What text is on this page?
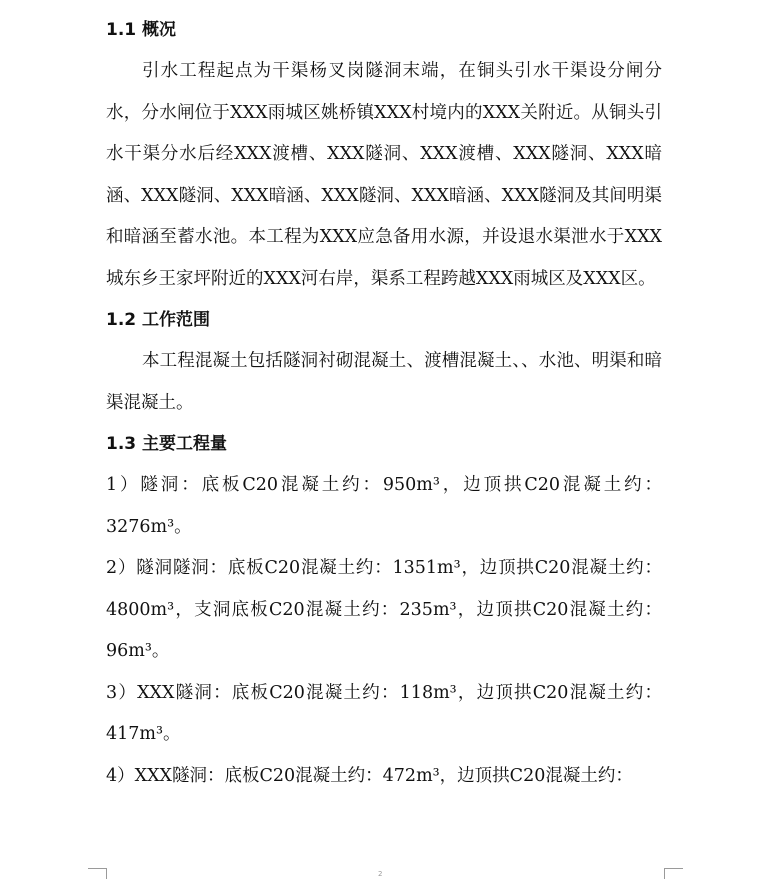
1.1 概况

引水工程起点为干渠杨叉岗隧洞末端，在铜头引水干渠设分闸分水，分水闸位于XXX雨城区姚桥镇XXX村境内的XXX关附近。从铜头引水干渠分水后经XXX渡槽、XXX隧洞、XXX渡槽、XXX隧洞、XXX暗涵、XXX隧洞、XXX暗涵、XXX隧洞、XXX暗涵、XXX隧洞及其间明渠和暗涵至蓄水池。本工程为XXX应急备用水源，并设退水渠泄水于XXX城东乡王家坪附近的XXX河右岸，渠系工程跨越XXX雨城区及XXX区。

1.2 工作范围

本工程混凝土包括隧洞衬砌混凝土、渡槽混凝土、、水池、明渠和暗渠混凝土。

1.3 主要工程量

1）隧洞：底板C20混凝土约：950m³，边顶拱C20混凝土约：3276m³。

2）隧洞隧洞：底板C20混凝土约：1351m³，边顶拱C20混凝土约：4800m³，支洞底板C20混凝土约：235m³，边顶拱C20混凝土约：96m³。

3）XXX隧洞：底板C20混凝土约：118m³，边顶拱C20混凝土约：417m³。

4）XXX隧洞：底板C20混凝土约：472m³，边顶拱C20混凝土约：

2
